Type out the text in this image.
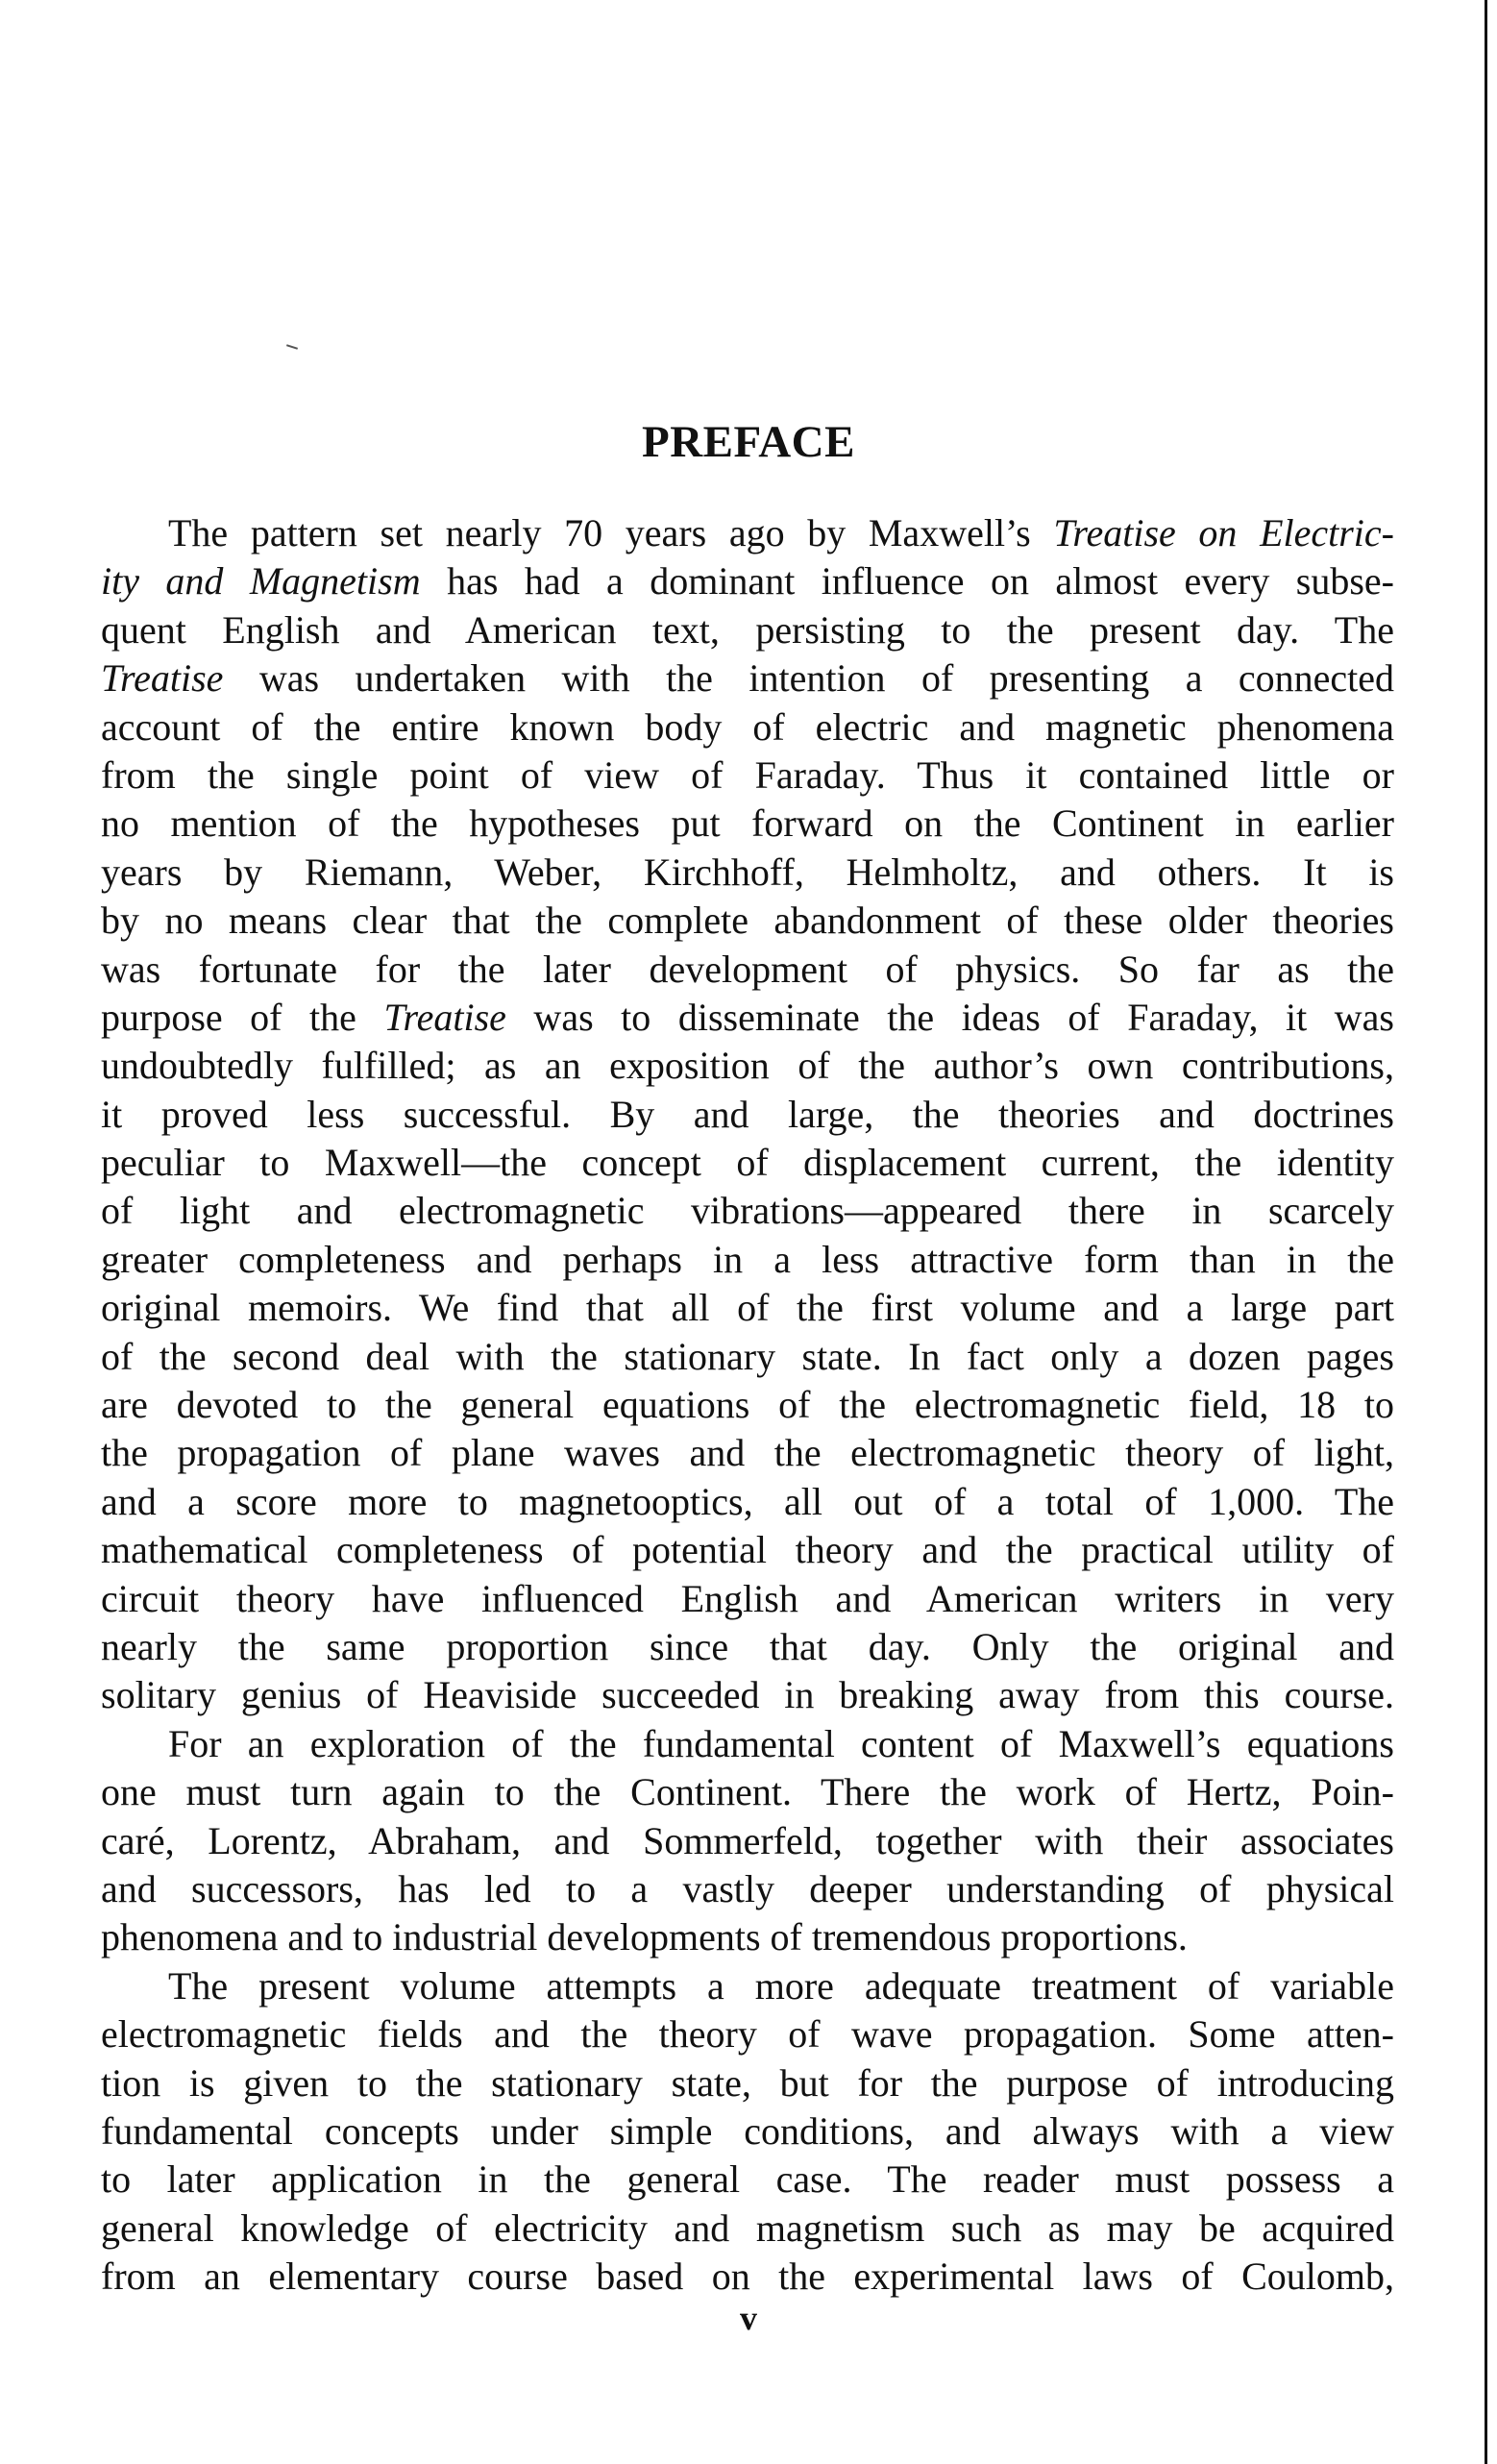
PREFACE
The pattern set nearly 70 years ago by Maxwell’s Treatise on Electric-
ity and Magnetism has had a dominant influence on almost every subse-
quent English and American text, persisting to the present day. The
Treatise was undertaken with the intention of presenting a connected
account of the entire known body of electric and magnetic phenomena
from the single point of view of Faraday. Thus it contained little or
no mention of the hypotheses put forward on the Continent in earlier
years by Riemann, Weber, Kirchhoff, Helmholtz, and others. It is
by no means clear that the complete abandonment of these older theories
was fortunate for the later development of physics. So far as the
purpose of the Treatise was to disseminate the ideas of Faraday, it was
undoubtedly fulfilled; as an exposition of the author’s own contributions,
it proved less successful. By and large, the theories and doctrines
peculiar to Maxwell—the concept of displacement current, the identity
of light and electromagnetic vibrations—appeared there in scarcely
greater completeness and perhaps in a less attractive form than in the
original memoirs. We find that all of the first volume and a large part
of the second deal with the stationary state. In fact only a dozen pages
are devoted to the general equations of the electromagnetic field, 18 to
the propagation of plane waves and the electromagnetic theory of light,
and a score more to magnetooptics, all out of a total of 1,000. The
mathematical completeness of potential theory and the practical utility of
circuit theory have influenced English and American writers in very
nearly the same proportion since that day. Only the original and
solitary genius of Heaviside succeeded in breaking away from this course.
For an exploration of the fundamental content of Maxwell’s equations
one must turn again to the Continent. There the work of Hertz, Poin-
caré, Lorentz, Abraham, and Sommerfeld, together with their associates
and successors, has led to a vastly deeper understanding of physical
phenomena and to industrial developments of tremendous proportions.
The present volume attempts a more adequate treatment of variable
electromagnetic fields and the theory of wave propagation. Some atten-
tion is given to the stationary state, but for the purpose of introducing
fundamental concepts under simple conditions, and always with a view
to later application in the general case. The reader must possess a
general knowledge of electricity and magnetism such as may be acquired
from an elementary course based on the experimental laws of Coulomb,
v
